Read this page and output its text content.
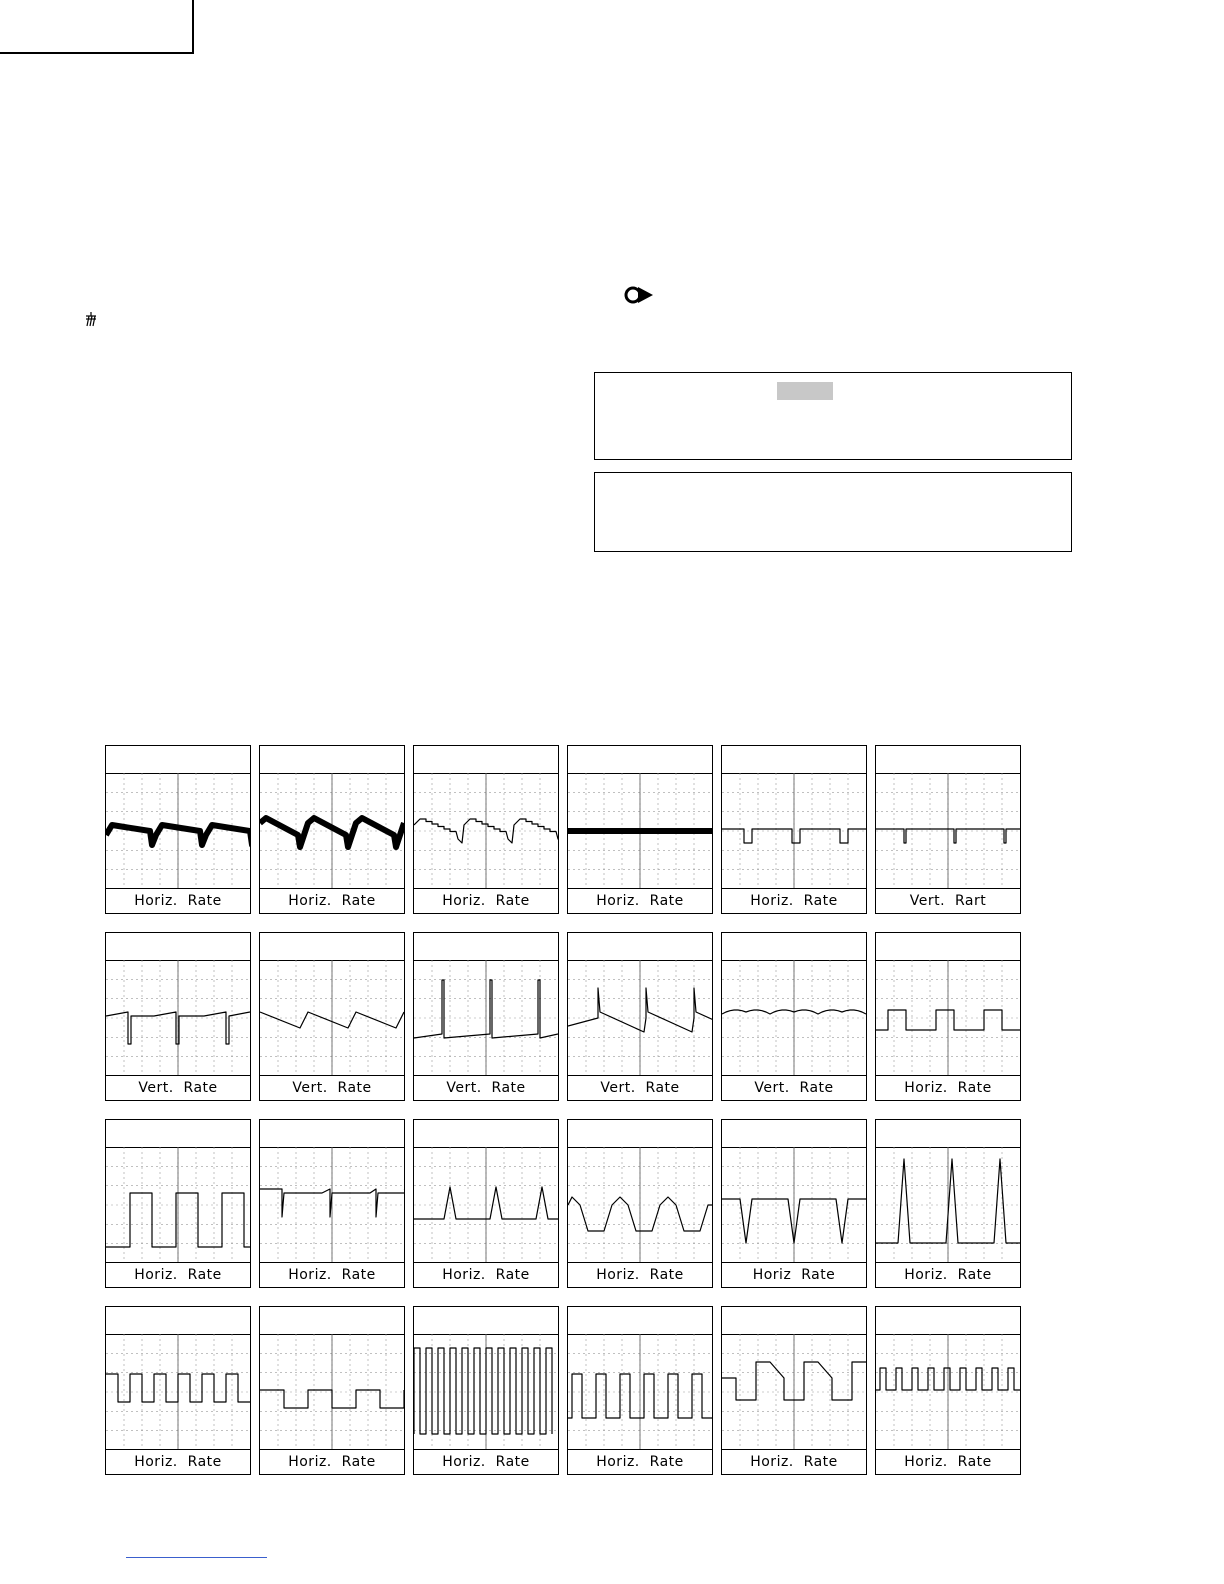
Horiz.  Rate	Horiz.  Rate	Horiz.  Rate	Horiz.  Rate	Horiz.  Rate	Vert.  Rart
Vert.  Rate	Vert.  Rate	Vert.  Rate	Vert.  Rate	Vert.  Rate	Horiz.  Rate
Horiz.  Rate	Horiz.  Rate	Horiz.  Rate	Horiz.  Rate	Horiz  Rate	Horiz.  Rate
Horiz.  Rate	Horiz.  Rate	Horiz.  Rate	Horiz.  Rate	Horiz.  Rate	Horiz.  Rate
